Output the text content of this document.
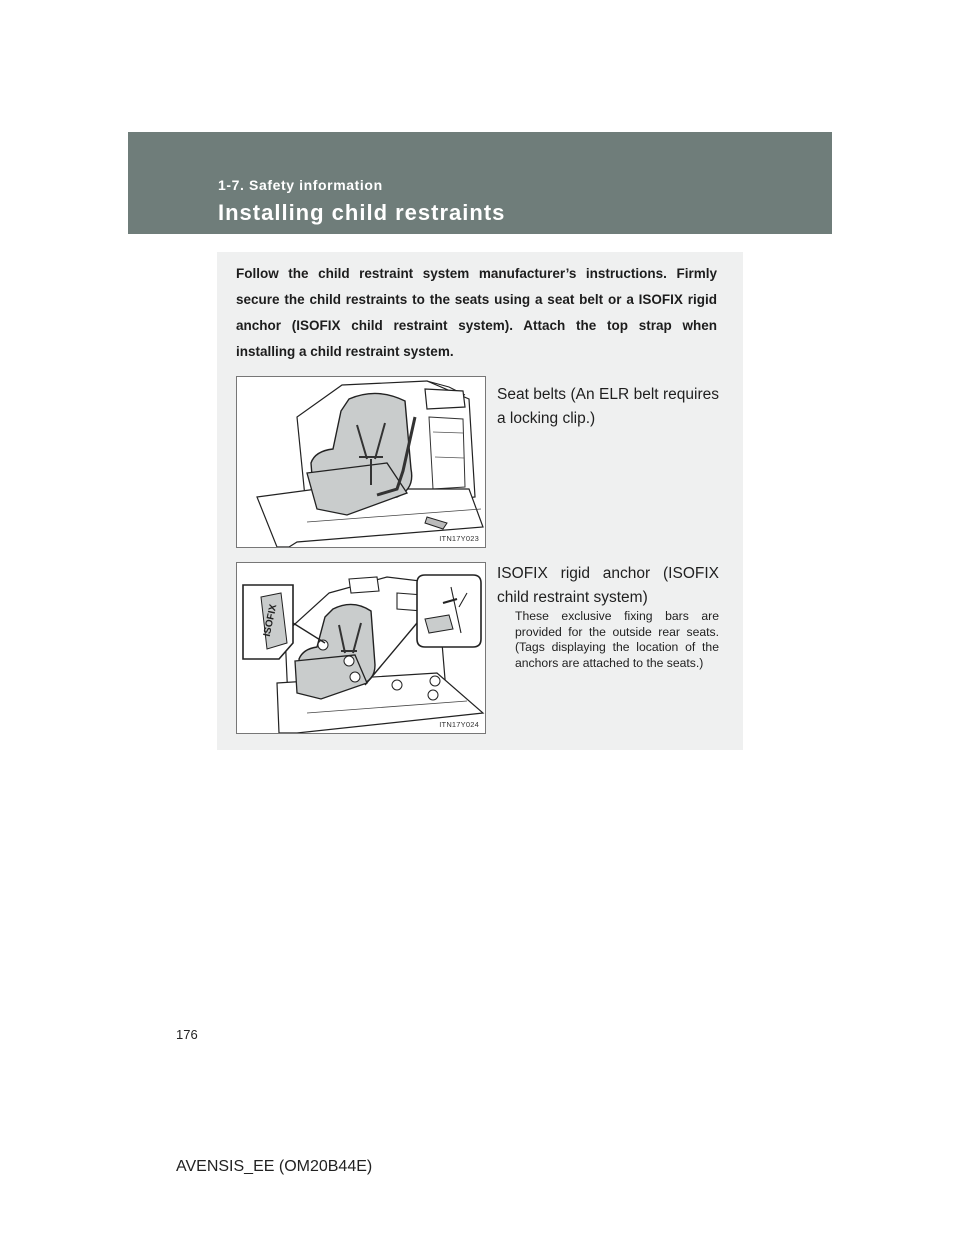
1-7. Safety information
Installing child restraints
Follow the child restraint system manufacturer’s instructions. Firmly secure the child restraints to the seats using a seat belt or a ISOFIX rigid anchor (ISOFIX child restraint system). Attach the top strap when installing a child restraint system.
ITN17Y023
Seat belts (An ELR belt requires a locking clip.)
ISOFIX
ITN17Y024
ISOFIX rigid anchor (ISOFIX child restraint system)
These exclusive fixing bars are provided for the outside rear seats. (Tags displaying the location of the anchors are attached to the seats.)
176
AVENSIS_EE (OM20B44E)
